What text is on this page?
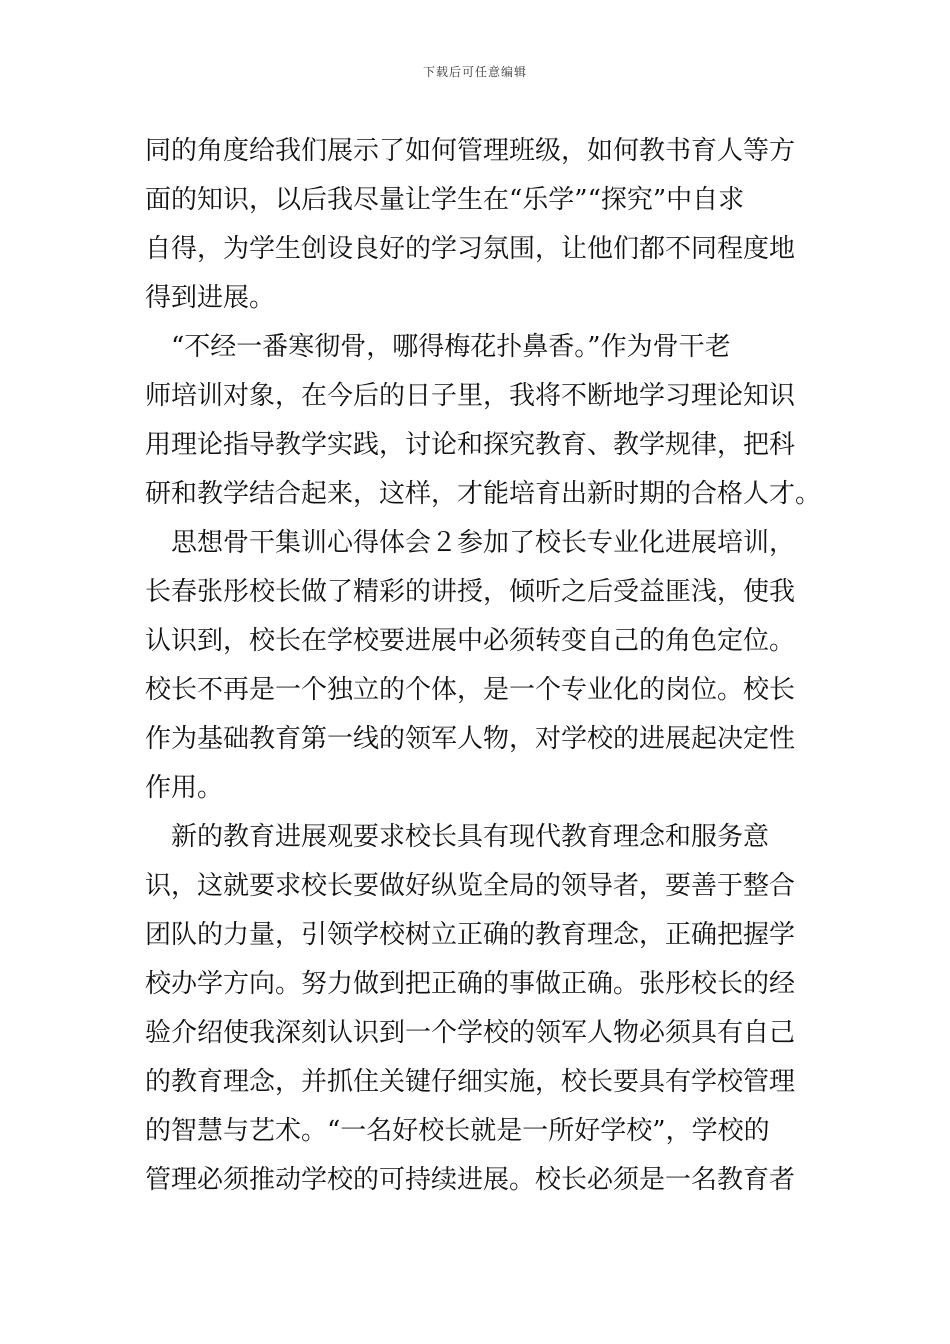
下载后可任意编辑
同的角度给我们展示了如何管理班级，如何教书育人等方
面的知识，以后我尽量让学生在“乐学”“探究”中自求
自得，为学生创设良好的学习氛围，让他们都不同程度地
得到进展。
　“不经一番寒彻骨，哪得梅花扑鼻香。”作为骨干老
师培训对象，在今后的日子里，我将不断地学习理论知识
用理论指导教学实践，讨论和探究教育、教学规律，把科
研和教学结合起来，这样，才能培育出新时期的合格人才。
　思想骨干集训心得体会２参加了校长专业化进展培训，
长春张彤校长做了精彩的讲授，倾听之后受益匪浅，使我
认识到，校长在学校要进展中必须转变自己的角色定位。
校长不再是一个独立的个体，是一个专业化的岗位。校长
作为基础教育第一线的领军人物，对学校的进展起决定性
作用。
　新的教育进展观要求校长具有现代教育理念和服务意
识，这就要求校长要做好纵览全局的领导者，要善于整合
团队的力量，引领学校树立正确的教育理念，正确把握学
校办学方向。努力做到把正确的事做正确。张彤校长的经
验介绍使我深刻认识到一个学校的领军人物必须具有自己
的教育理念，并抓住关键仔细实施，校长要具有学校管理
的智慧与艺术。“一名好校长就是一所好学校”，学校的
管理必须推动学校的可持续进展。校长必须是一名教育者
